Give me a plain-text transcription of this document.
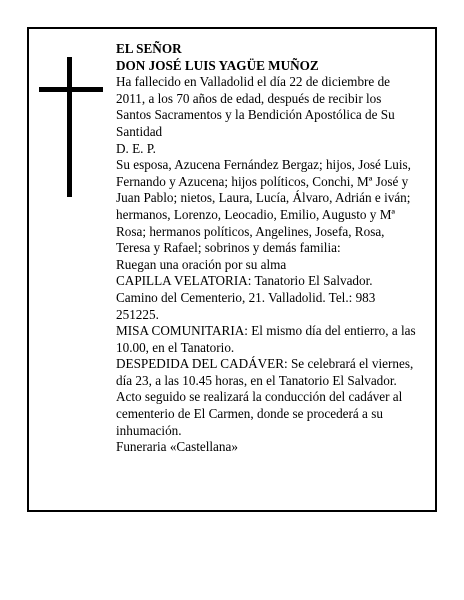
EL SEÑOR

DON JOSÉ LUIS YAGÜE MUÑOZ

Ha fallecido en Valladolid el día 22 de diciembre de 2011, a los 70 años de edad, después de recibir los Santos Sacramentos y la Bendición Apostólica de Su Santidad

D. E. P.

Su esposa, Azucena Fernández Bergaz; hijos, José Luis, Fernando y Azucena; hijos políticos, Conchi, Mª José y Juan Pablo; nietos, Laura, Lucía, Álvaro, Adrián e iván; hermanos, Lorenzo, Leocadio, Emilio, Augusto y Mª Rosa; hermanos políticos, Angelines, Josefa, Rosa, Teresa y Rafael; sobrinos y demás familia:

Ruegan una oración por su alma

CAPILLA VELATORIA: Tanatorio El Salvador. Camino del Cementerio, 21. Valladolid. Tel.: 983 251225.

MISA COMUNITARIA: El mismo día del entierro, a las 10.00, en el Tanatorio.

DESPEDIDA DEL CADÁVER: Se celebrará el viernes, día 23, a las 10.45 horas, en el Tanatorio El Salvador. Acto seguido se realizará la conducción del cadáver al cementerio de El Carmen, donde se procederá a su inhumación.

Funeraria «Castellana»
